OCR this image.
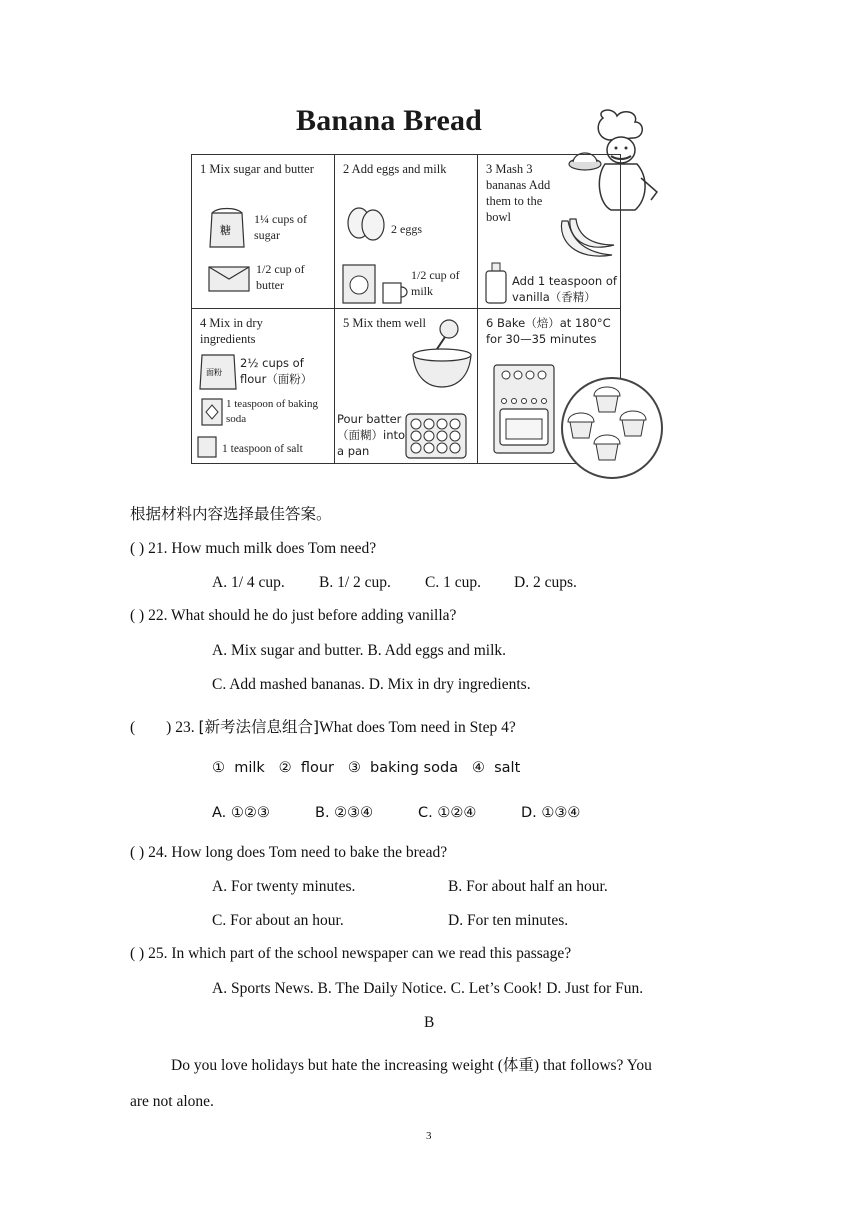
Banana Bread
1 Mix sugar and butter
糖
1¼ cups of sugar
1/2 cup of butter
2 Add eggs and milk
2 eggs
1/2 cup of milk
3 Mash 3 bananas Add them to the bowl
Add 1 teaspoon of vanilla（香精）
4 Mix in dry ingredients
面粉
2½ cups of flour（面粉）
1 teaspoon of baking soda
1 teaspoon of salt
5 Mix them well
Pour batter（面糊）into a pan
6 Bake（焙）at 180°C for 30—35 minutes
根据材料内容选择最佳答案。
( ) 21. How much milk does Tom need?
A. 1/ 4 cup. B. 1/ 2 cup. C. 1 cup. D. 2 cups.
( ) 22. What should he do just before adding vanilla?
A. Mix sugar and butter. B. Add eggs and milk.
C. Add mashed bananas. D. Mix in dry ingredients.
(        ) 23. [新考法信息组合]What does Tom need in Step 4?
①  milk   ②  flour   ③  baking soda   ④  salt
A. ①②③	B. ②③④	C. ①②④	D. ①③④
( ) 24. How long does Tom need to bake the bread?
A. For twenty minutes.	B. For about half an hour.
C. For about an hour.	D. For ten minutes.
( ) 25. In which part of the school newspaper can we read this passage?
A. Sports News. B. The Daily Notice. C. Let’s Cook! D. Just for Fun.
B
Do you love holidays but hate the increasing weight (体重) that follows? You
are not alone.
3
